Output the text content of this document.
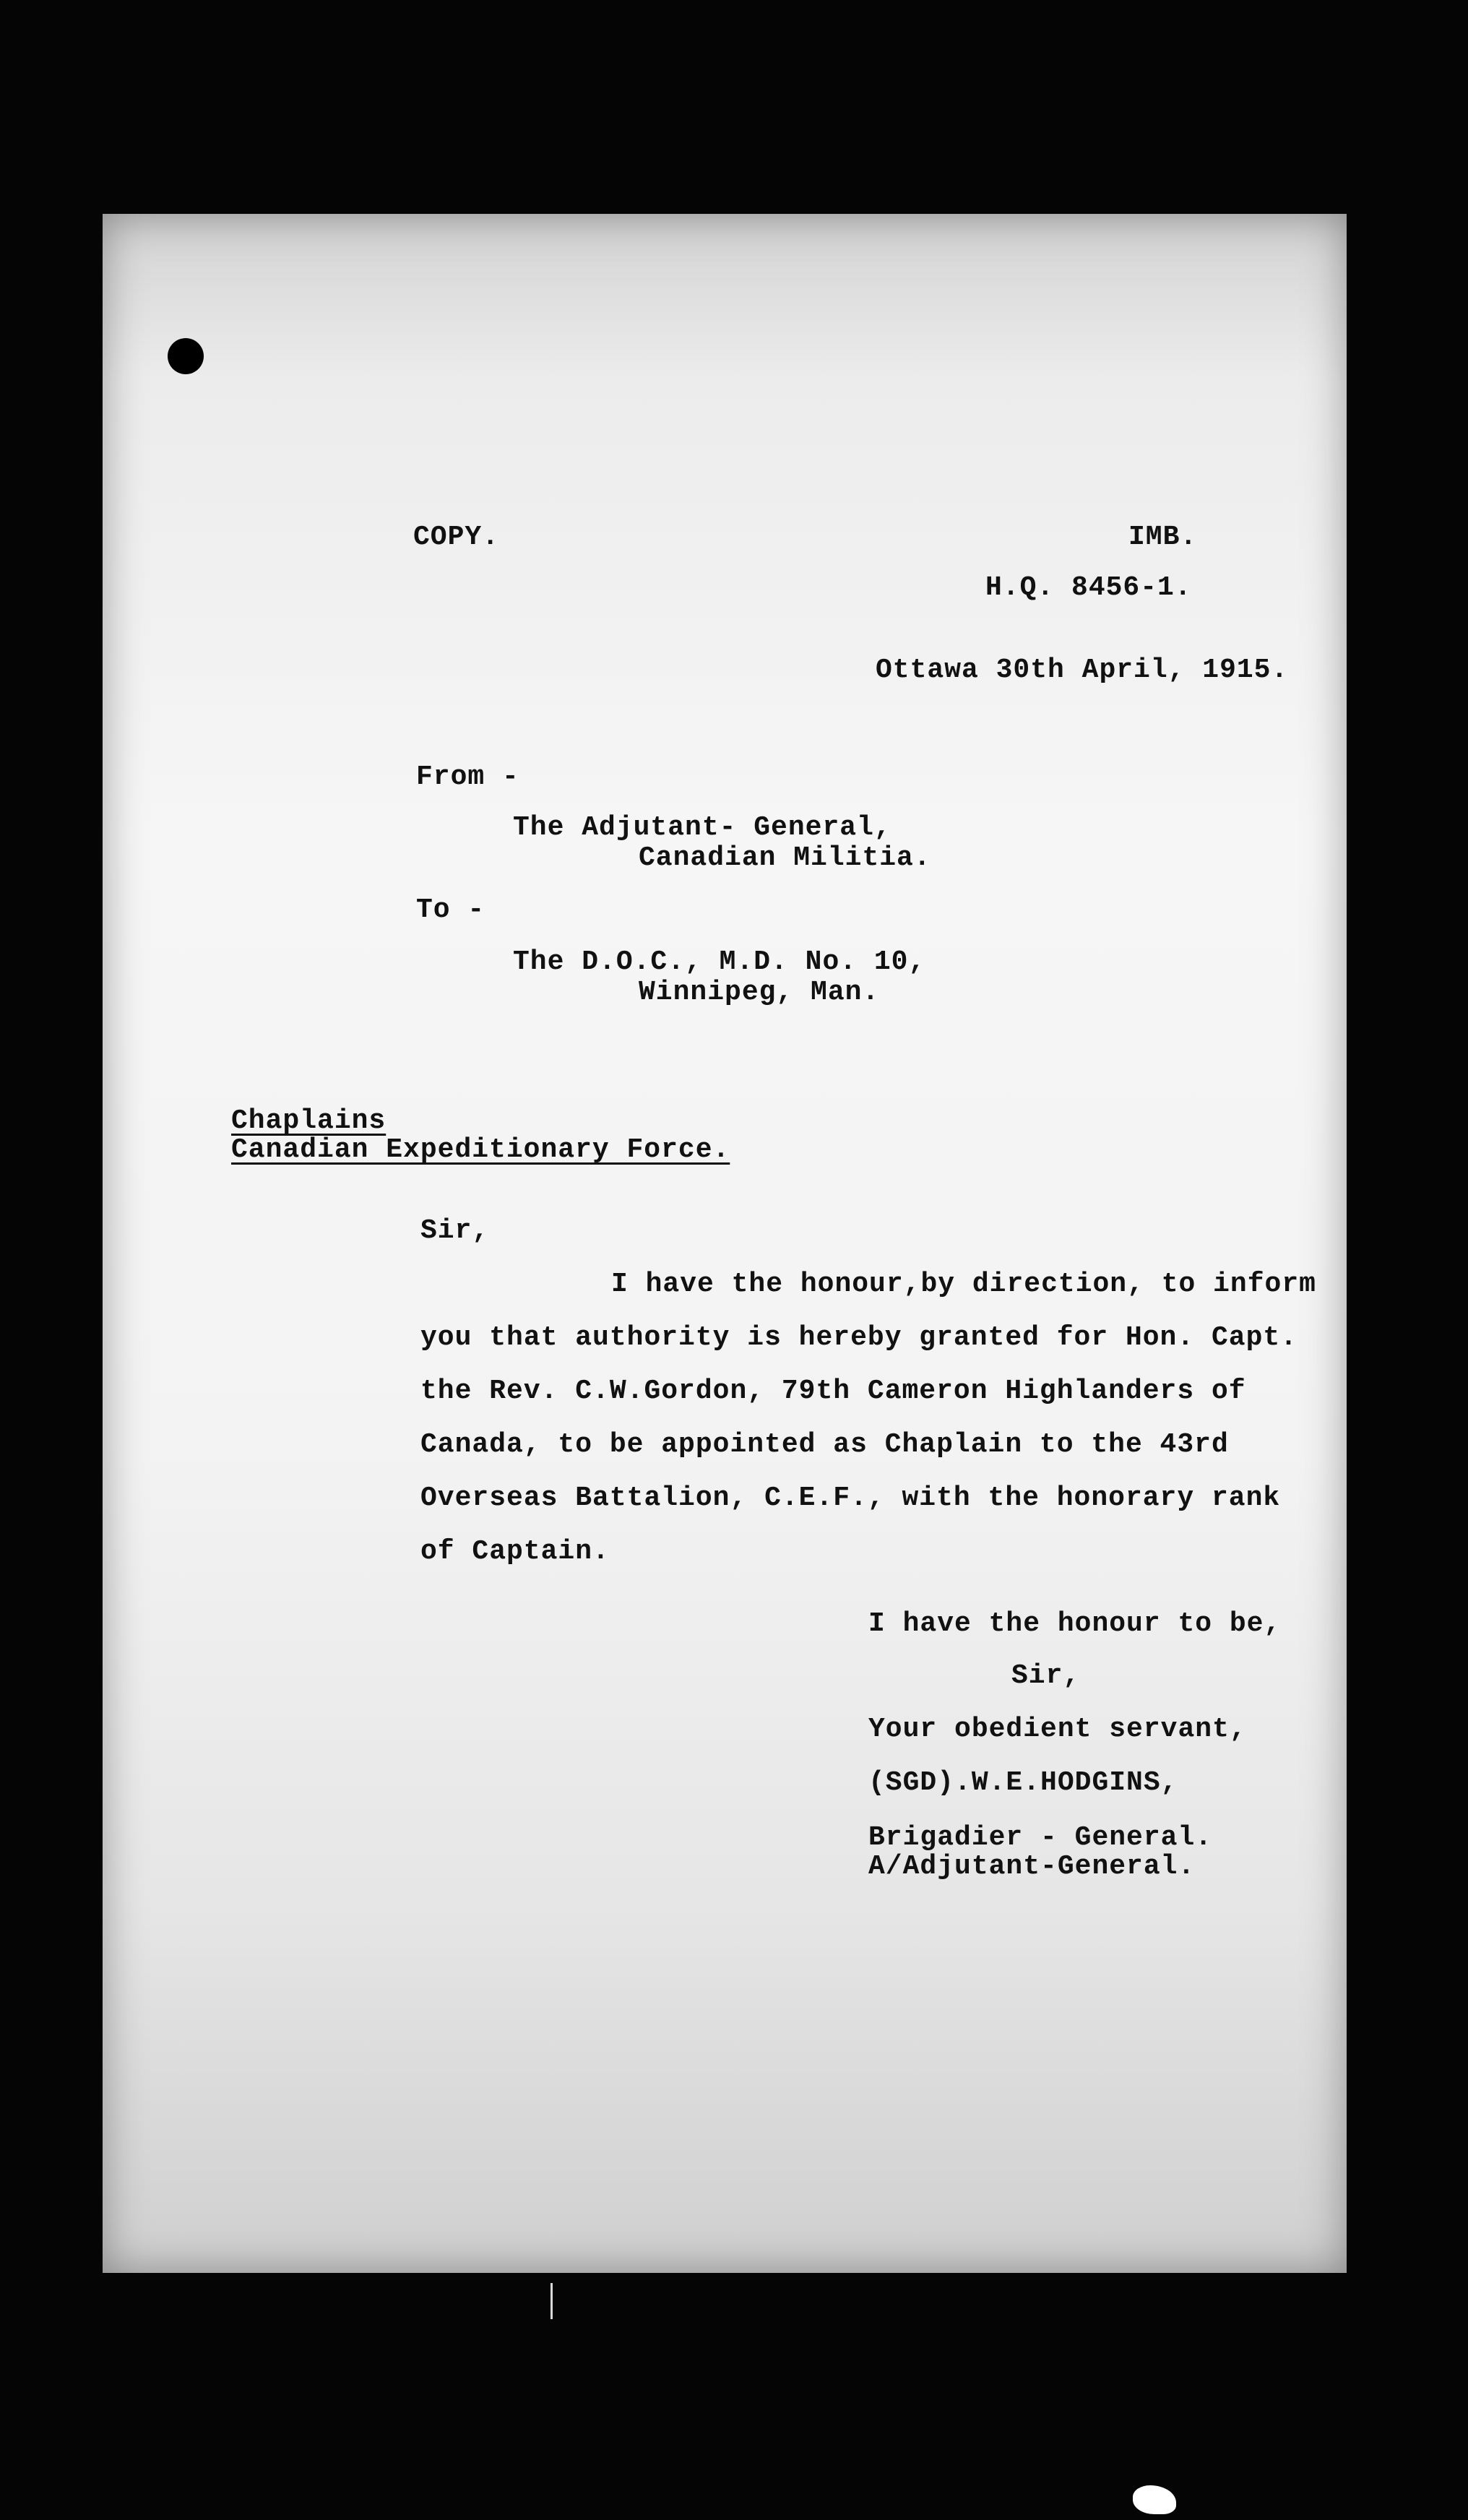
COPY.	IMB.
H.Q. 8456-1.
Ottawa 30th April, 1915.
From -
The Adjutant- General,
Canadian Militia.
To -
The D.O.C., M.D. No. 10,
Winnipeg, Man.
Chaplains
Canadian Expeditionary Force.
Sir,
I have the honour,by direction, to inform
you that authority is hereby granted for Hon. Capt.
the Rev. C.W.Gordon, 79th Cameron Highlanders of
Canada, to be appointed as Chaplain to the 43rd
Overseas Battalion, C.E.F., with the honorary rank
of Captain.
I have the honour to be,
Sir,
Your obedient servant,
(SGD).W.E.HODGINS,
Brigadier - General.
A/Adjutant-General.
